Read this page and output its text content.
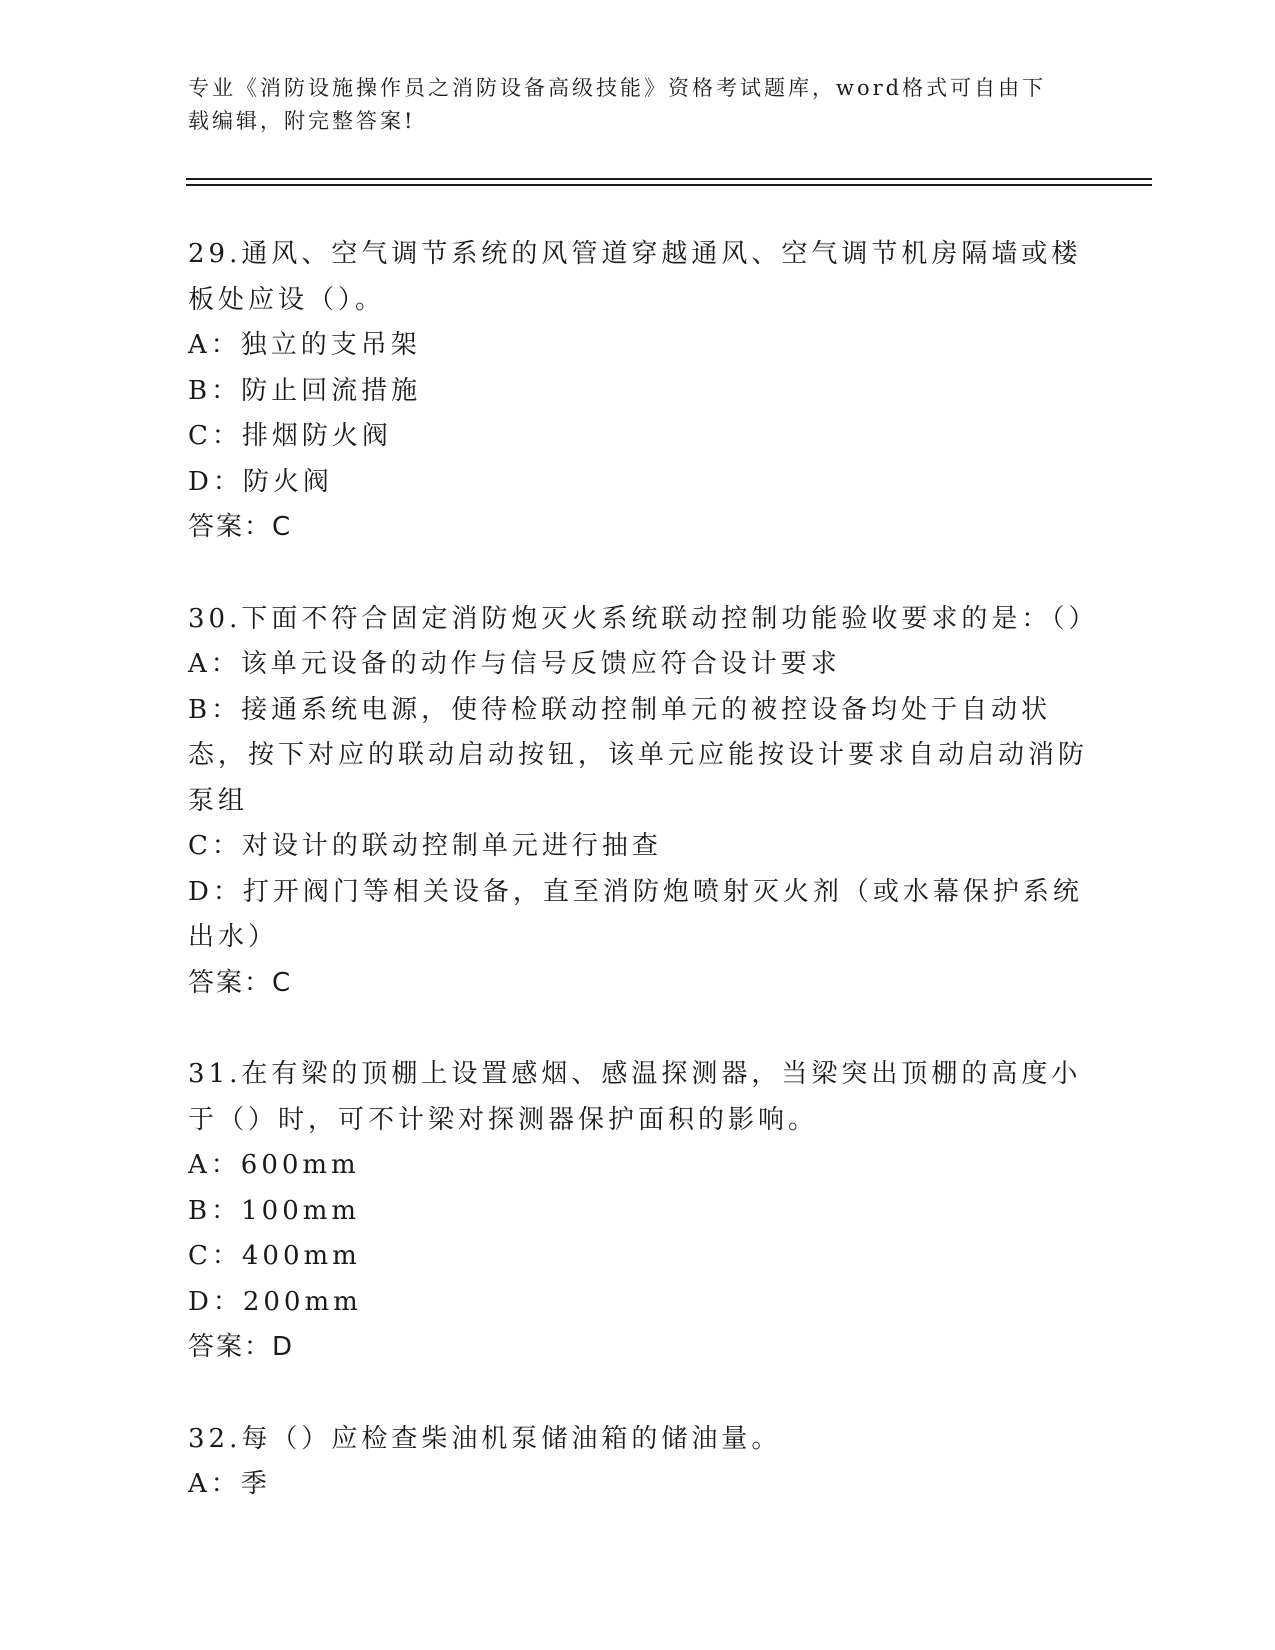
专业《消防设施操作员之消防设备高级技能》资格考试题库，word格式可自由下载编辑，附完整答案!
29.通风、空气调节系统的风管道穿越通风、空气调节机房隔墙或楼板处应设（）。
A：独立的支吊架
B：防止回流措施
C：排烟防火阀
D：防火阀
答案：C
30.下面不符合固定消防炮灭火系统联动控制功能验收要求的是：（）
A：该单元设备的动作与信号反馈应符合设计要求
B：接通系统电源，使待检联动控制单元的被控设备均处于自动状态，按下对应的联动启动按钮，该单元应能按设计要求自动启动消防泵组
C：对设计的联动控制单元进行抽查
D：打开阀门等相关设备，直至消防炮喷射灭火剂（或水幕保护系统出水）
答案：C
31.在有梁的顶棚上设置感烟、感温探测器，当梁突出顶棚的高度小于（）时，可不计梁对探测器保护面积的影响。
A：600mm
B：100mm
C：400mm
D：200mm
答案：D
32.每（）应检查柴油机泵储油箱的储油量。
A：季
